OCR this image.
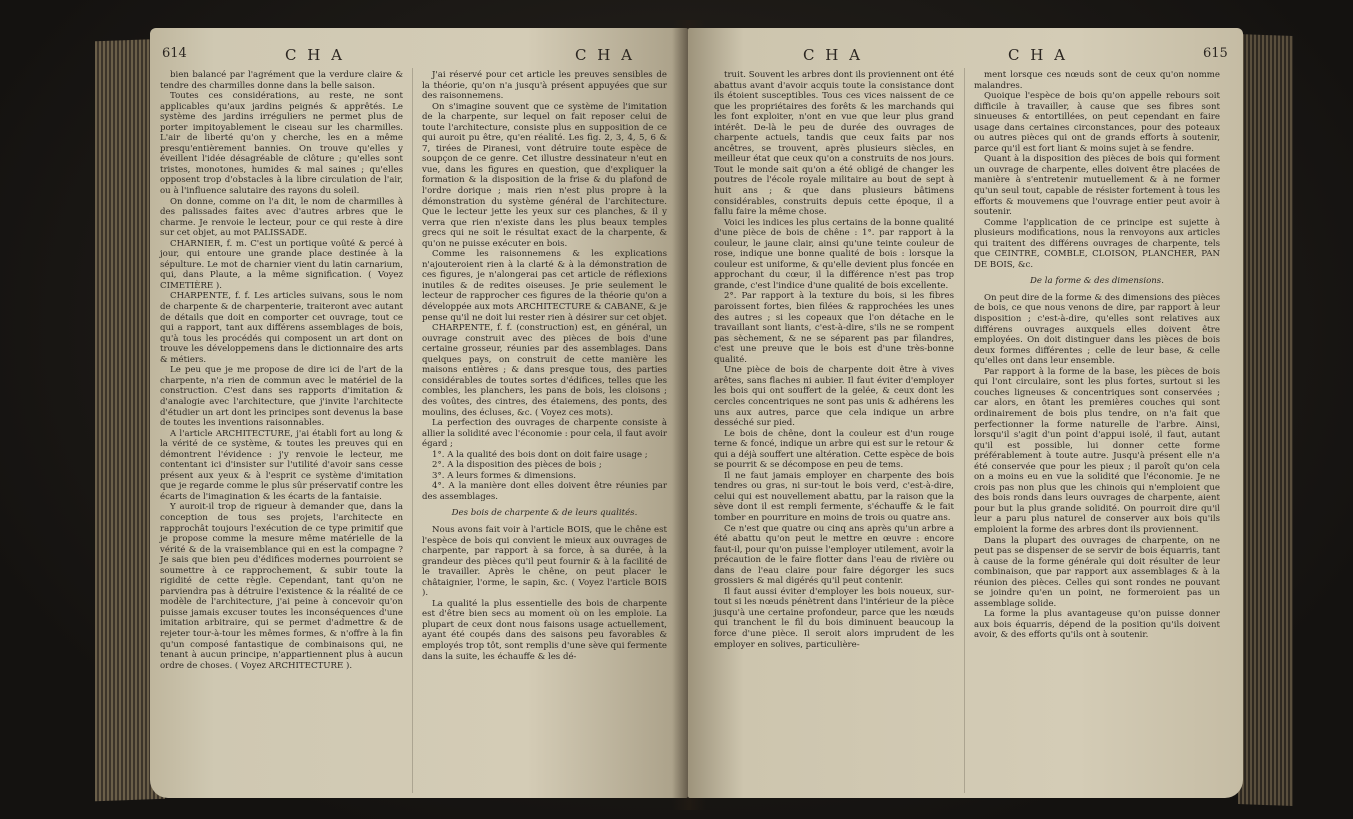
614	C H A	C H A

bien balancé par l'agrément que la verdure claire & tendre des charmilles donne dans la belle saison.

Toutes ces considérations, au reste, ne sont applicables qu'aux jardins peignés & apprêtés. Le système des jardins irréguliers ne permet plus de porter impitoyablement le ciseau sur les charmilles. L'air de liberté qu'on y cherche, les en a même presqu'entièrement bannies. On trouve qu'elles y éveillent l'idée désagréable de clôture ; qu'elles sont tristes, monotones, humides & mal saines ; qu'elles opposent trop d'obstacles à la libre circulation de l'air, ou à l'influence salutaire des rayons du soleil.

On donne, comme on l'a dit, le nom de charmilles à des palissades faites avec d'autres arbres que le charme. Je renvoie le lecteur, pour ce qui reste à dire sur cet objet, au mot PALISSADE.

CHARNIER, f. m. C'est un portique voûté & percé à jour, qui entoure une grande place destinée à la sépulture. Le mot de charnier vient du latin carnarium, qui, dans Plaute, a la même signification. ( Voyez CIMETIÈRE ).

CHARPENTE, f. f. Les articles suivans, sous le nom de charpente & de charpenterie, traiteront avec autant de détails que doit en comporter cet ouvrage, tout ce qui a rapport, tant aux différens assemblages de bois, qu'à tous les procédés qui composent un art dont on trouve les développemens dans le dictionnaire des arts & métiers.

Le peu que je me propose de dire ici de l'art de la charpente, n'a rien de commun avec le matériel de la construction. C'est dans ses rapports d'imitation & d'analogie avec l'architecture, que j'invite l'architecte d'étudier un art dont les principes sont devenus la base de toutes les inventions raisonnables.

A l'article ARCHITECTURE, j'ai établi fort au long & la vérité de ce système, & toutes les preuves qui en démontrent l'évidence : j'y renvoie le lecteur, me contentant ici d'insister sur l'utilité d'avoir sans cesse présent aux yeux & à l'esprit ce système d'imitation que je regarde comme le plus sûr préservatif contre les écarts de l'imagination & les écarts de la fantaisie.

Y auroit-il trop de rigueur à demander que, dans la conception de tous ses projets, l'architecte en rapprochât toujours l'exécution de ce type primitif que je propose comme la mesure même matérielle de la vérité & de la vraisemblance qui en est la compagne ? Je sais que bien peu d'édifices modernes pourroient se soumettre à ce rapprochement, & subir toute la rigidité de cette règle. Cependant, tant qu'on ne parviendra pas à détruire l'existence & la réalité de ce modèle de l'architecture, j'ai peine à concevoir qu'on puisse jamais excuser toutes les inconséquences d'une imitation arbitraire, qui se permet d'admettre & de rejeter tour-à-tour les mêmes formes, & n'offre à la fin qu'un composé fantastique de combinaisons qui, ne tenant à aucun principe, n'appartiennent plus à aucun ordre de choses. ( Voyez ARCHITECTURE ).

J'ai réservé pour cet article les preuves sensibles de la théorie, qu'on n'a jusqu'à présent appuyées que sur des raisonnemens.

On s'imagine souvent que ce système de l'imitation de la charpente, sur lequel on fait reposer celui de toute l'architecture, consiste plus en supposition de ce qui auroit pu être, qu'en réalité. Les fig. 2, 3, 4, 5, 6 & 7, tirées de Piranesi, vont détruire toute espèce de soupçon de ce genre. Cet illustre dessinateur n'eut en vue, dans les figures en question, que d'expliquer la formation & la disposition de la frise & du plafond de l'ordre dorique ; mais rien n'est plus propre à la démonstration du système général de l'architecture. Que le lecteur jette les yeux sur ces planches, & il y verra que rien n'existe dans les plus beaux temples grecs qui ne soit le résultat exact de la charpente, & qu'on ne puisse exécuter en bois.

Comme les raisonnemens & les explications n'ajouteroient rien à la clarté & à la démonstration de ces figures, je n'alongerai pas cet article de réflexions inutiles & de redites oiseuses. Je prie seulement le lecteur de rapprocher ces figures de la théorie qu'on a développée aux mots ARCHITECTURE & CABANE, & je pense qu'il ne doit lui rester rien à désirer sur cet objet.

CHARPENTE, f. f. (construction) est, en général, un ouvrage construit avec des pièces de bois d'une certaine grosseur, réunies par des assemblages. Dans quelques pays, on construit de cette manière les maisons entières ; & dans presque tous, des parties considérables de toutes sortes d'édifices, telles que les combles, les planchers, les pans de bois, les cloisons ; des voûtes, des cintres, des étaiemens, des ponts, des moulins, des écluses, &c. ( Voyez ces mots).

La perfection des ouvrages de charpente consiste à allier la solidité avec l'économie : pour cela, il faut avoir égard ;

1°. A la qualité des bois dont on doit faire usage ;

2°. A la disposition des pièces de bois ;

3°. A leurs formes & dimensions.

4°. A la manière dont elles doivent être réunies par des assemblages.

Des bois de charpente & de leurs qualités.

Nous avons fait voir à l'article BOIS, que le chêne est l'espèce de bois qui convient le mieux aux ouvrages de charpente, par rapport à sa force, à sa durée, à la grandeur des pièces qu'il peut fournir & à la facilité de le travailler. Après le chêne, on peut placer le châtaignier, l'orme, le sapin, &c. ( Voyez l'article BOIS ).

La qualité la plus essentielle des bois de charpente est d'être bien secs au moment où on les emploie. La plupart de ceux dont nous faisons usage actuellement, ayant été coupés dans des saisons peu favorables & employés trop tôt, sont remplis d'une sève qui fermente dans la suite, les échauffe & les dé-

C H A	C H A	615

truit. Souvent les arbres dont ils proviennent ont été abattus avant d'avoir acquis toute la consistance dont ils étoient susceptibles. Tous ces vices naissent de ce que les propriétaires des forêts & les marchands qui les font exploiter, n'ont en vue que leur plus grand intérêt. De-là le peu de durée des ouvrages de charpente actuels, tandis que ceux faits par nos ancêtres, se trouvent, après plusieurs siècles, en meilleur état que ceux qu'on a construits de nos jours. Tout le monde sait qu'on a été obligé de changer les poutres de l'école royale militaire au bout de sept à huit ans ; & que dans plusieurs bâtimens considérables, construits depuis cette époque, il a fallu faire la même chose.

Voici les indices les plus certains de la bonne qualité d'une pièce de bois de chêne : 1°. par rapport à la couleur, le jaune clair, ainsi qu'une teinte couleur de rose, indique une bonne qualité de bois : lorsque la couleur est uniforme, & qu'elle devient plus foncée en approchant du cœur, il la différence n'est pas trop grande, c'est l'indice d'une qualité de bois excellente.

2°. Par rapport à la texture du bois, si les fibres paroissent fortes, bien filées & rapprochées les unes des autres ; si les copeaux que l'on détache en le travaillant sont liants, c'est-à-dire, s'ils ne se rompent pas sèchement, & ne se séparent pas par filandres, c'est une preuve que le bois est d'une très-bonne qualité.

Une pièce de bois de charpente doit être à vives arêtes, sans flaches ni aubier. Il faut éviter d'employer les bois qui ont souffert de la gelée, & ceux dont les cercles concentriques ne sont pas unis & adhérens les uns aux autres, parce que cela indique un arbre desséché sur pied.

Le bois de chêne, dont la couleur est d'un rouge terne & foncé, indique un arbre qui est sur le retour & qui a déjà souffert une altération. Cette espèce de bois se pourrit & se décompose en peu de tems.

Il ne faut jamais employer en charpente des bois tendres ou gras, ni sur-tout le bois verd, c'est-à-dire, celui qui est nouvellement abattu, par la raison que la sève dont il est rempli fermente, s'échauffe & le fait tomber en pourriture en moins de trois ou quatre ans.

Ce n'est que quatre ou cinq ans après qu'un arbre a été abattu qu'on peut le mettre en œuvre : encore faut-il, pour qu'on puisse l'employer utilement, avoir la précaution de le faire flotter dans l'eau de rivière ou dans de l'eau claire pour faire dégorger les sucs grossiers & mal digérés qu'il peut contenir.

Il faut aussi éviter d'employer les bois noueux, sur-tout si les nœuds pénètrent dans l'intérieur de la pièce jusqu'à une certaine profondeur, parce que les nœuds qui tranchent le fil du bois diminuent beaucoup la force d'une pièce. Il seroit alors imprudent de les employer en solives, particulière-

ment lorsque ces nœuds sont de ceux qu'on nomme malandres.

Quoique l'espèce de bois qu'on appelle rebours soit difficile à travailler, à cause que ses fibres sont sinueuses & entortillées, on peut cependant en faire usage dans certaines circonstances, pour des poteaux ou autres pièces qui ont de grands efforts à soutenir, parce qu'il est fort liant & moins sujet à se fendre.

Quant à la disposition des pièces de bois qui forment un ouvrage de charpente, elles doivent être placées de manière à s'entretenir mutuellement & à ne former qu'un seul tout, capable de résister fortement à tous les efforts & mouvemens que l'ouvrage entier peut avoir à soutenir.

Comme l'application de ce principe est sujette à plusieurs modifications, nous la renvoyons aux articles qui traitent des différens ouvrages de charpente, tels que CEINTRE, COMBLE, CLOISON, PLANCHER, PAN DE BOIS, &c.

De la forme & des dimensions.

On peut dire de la forme & des dimensions des pièces de bois, ce que nous venons de dire, par rapport à leur disposition ; c'est-à-dire, qu'elles sont relatives aux différens ouvrages auxquels elles doivent être employées. On doit distinguer dans les pièces de bois deux formes différentes ; celle de leur base, & celle qu'elles ont dans leur ensemble.

Par rapport à la forme de la base, les pièces de bois qui l'ont circulaire, sont les plus fortes, surtout si les couches ligneuses & concentriques sont conservées ; car alors, en ôtant les premières couches qui sont ordinairement de bois plus tendre, on n'a fait que perfectionner la forme naturelle de l'arbre. Ainsi, lorsqu'il s'agit d'un point d'appui isolé, il faut, autant qu'il est possible, lui donner cette forme préférablement à toute autre. Jusqu'à présent elle n'a été conservée que pour les pieux ; il paroît qu'on cela on a moins eu en vue la solidité que l'économie. Je ne crois pas non plus que les chinois qui n'emploient que des bois ronds dans leurs ouvrages de charpente, aient pour but la plus grande solidité. On pourroit dire qu'il leur a paru plus naturel de conserver aux bois qu'ils emploient la forme des arbres dont ils proviennent.

Dans la plupart des ouvrages de charpente, on ne peut pas se dispenser de se servir de bois équarris, tant à cause de la forme générale qui doit résulter de leur combinaison, que par rapport aux assemblages & à la réunion des pièces. Celles qui sont rondes ne pouvant se joindre qu'en un point, ne formeroient pas un assemblage solide.

La forme la plus avantageuse qu'on puisse donner aux bois équarris, dépend de la position qu'ils doivent avoir, & des efforts qu'ils ont à soutenir.
